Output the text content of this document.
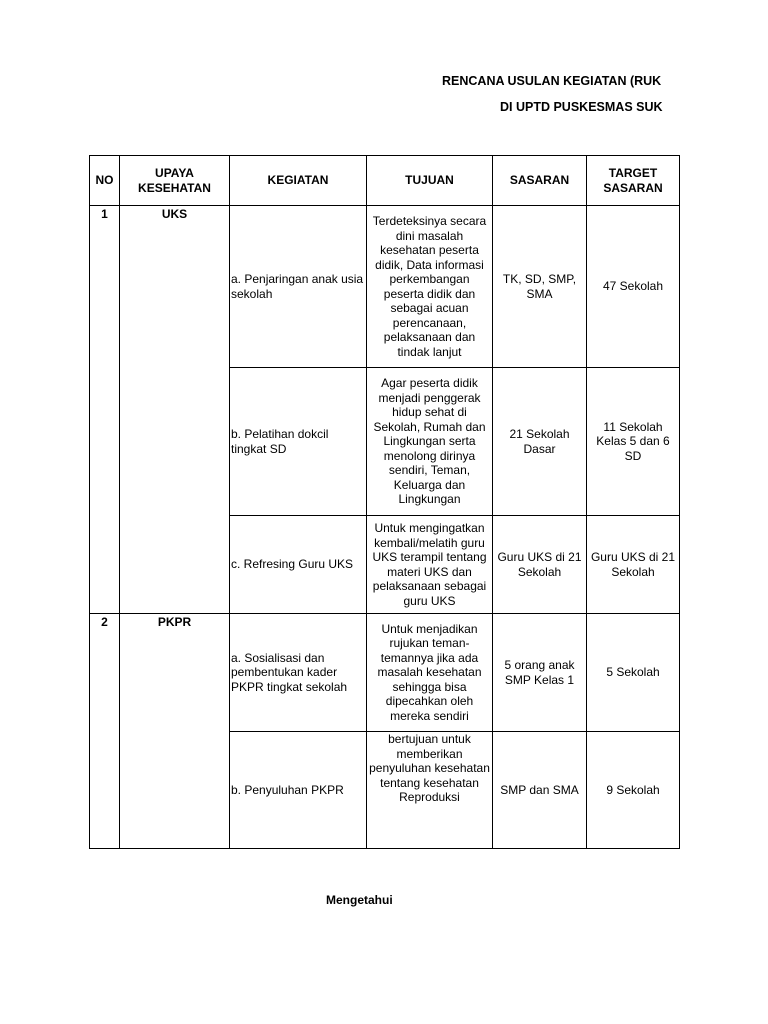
RENCANA USULAN KEGIATAN (RUK
DI UPTD PUSKESMAS SUK
NO	UPAYA KESEHATAN	KEGIATAN	TUJUAN	SASARAN	TARGET SASARAN
1	UKS	a. Penjaringan anak usia sekolah	Terdeteksinya secara dini masalah kesehatan peserta didik, Data informasi perkembangan peserta didik dan sebagai acuan perencanaan, pelaksanaan dan tindak lanjut	TK, SD, SMP, SMA	47 Sekolah
		b. Pelatihan dokcil tingkat SD	Agar peserta didik menjadi penggerak hidup sehat di Sekolah, Rumah dan Lingkungan serta menolong dirinya sendiri, Teman, Keluarga dan Lingkungan	21 Sekolah Dasar	11 Sekolah Kelas 5 dan 6 SD
		c. Refresing Guru UKS	Untuk mengingatkan kembali/melatih guru UKS terampil tentang materi UKS dan pelaksanaan sebagai guru UKS	Guru UKS di 21 Sekolah	Guru UKS di 21 Sekolah
2	PKPR	a. Sosialisasi dan pembentukan kader PKPR tingkat sekolah	Untuk menjadikan rujukan teman-temannya jika ada masalah kesehatan sehingga bisa dipecahkan oleh mereka sendiri	5 orang anak SMP Kelas 1	5 Sekolah
		b. Penyuluhan PKPR	bertujuan untuk memberikan penyuluhan kesehatan tentang kesehatan Reproduksi	SMP dan SMA	9 Sekolah
Mengetahui
